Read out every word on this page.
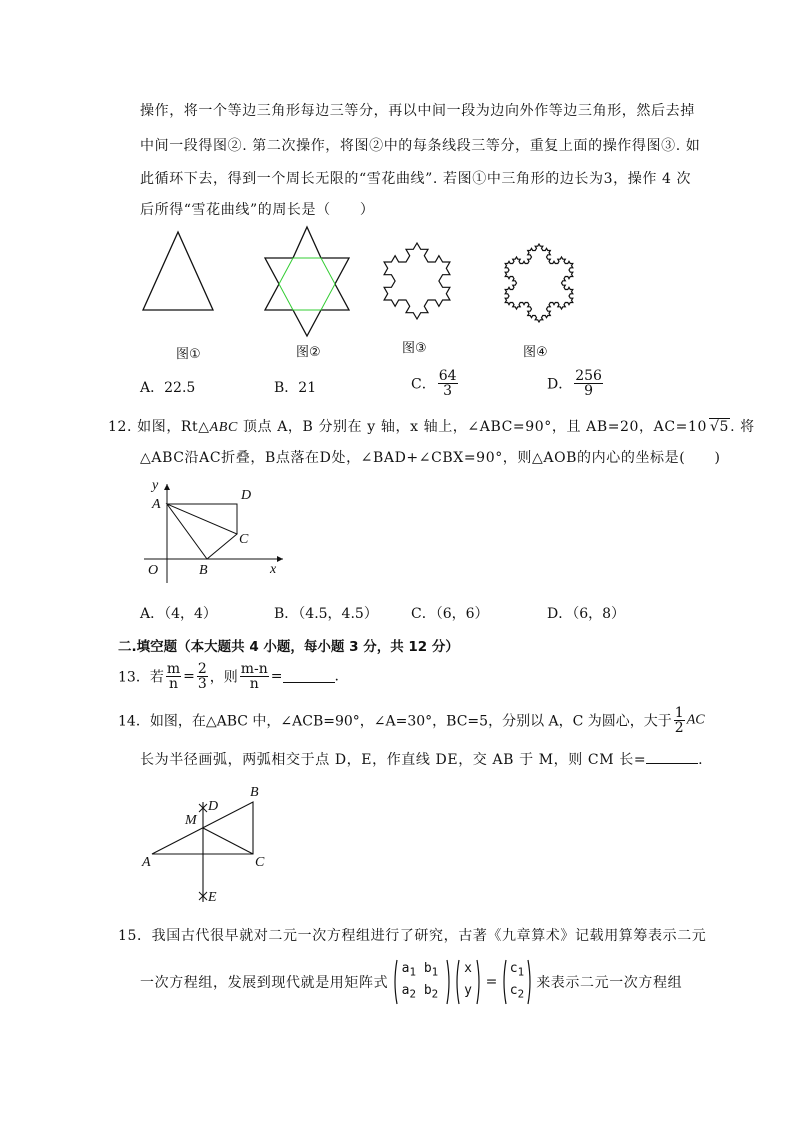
操作，将一个等边三角形每边三等分，再以中间一段为边向外作等边三角形，然后去掉
中间一段得图②. 第二次操作，将图②中的每条线段三等分，重复上面的操作得图③. 如
此循环下去，得到一个周长无限的“雪花曲线”. 若图①中三角形的边长为3，操作 4 次
后所得“雪花曲线”的周长是（　　）
图①	图②	图③	图④
A．22.5	B．21	C． $\frac{64}{3}$	D． $\frac{256}{9}$
12. 如图，Rt△ABC 顶点 A，B 分别在 y 轴，x 轴上，∠ABC=90°，且 AB=20，AC=10 √5. 将
△ABC沿AC折叠，B点落在D处，∠BAD+∠CBX=90°，则△AOB的内心的坐标是(　　)
y
A
D
C
O	B	x
A．（4，4）	B．（4.5，4.5） C．（6，6）	D．（6，8）
二.填空题（本大题共 4 小题，每小题 3 分，共 12 分）
13．若 $\frac{m}{n} = \frac{2}{3}$ ，则 $\frac{m-n}{n}$ =	.
14．如图，在△ABC 中，∠ACB=90°，∠A=30°，BC=5，分别以 A，C 为圆心，大于 $\frac{1}{2}$ AC
长为半径画弧，两弧相交于点 D，E，作直线 DE，交 AB 于 M，则 CM 长=	.
B
D
M
A	C
E
15．我国古代很早就对二元一次方程组进行了研究，古著《九章算术》记载用算筹表示二元
一次方程组，发展到现代就是用矩阵式
$a_1$ $b_1$
$a_2$ $b_2$

x
y
=
$c_1$
$c_2$
来表示二元一次方程组
